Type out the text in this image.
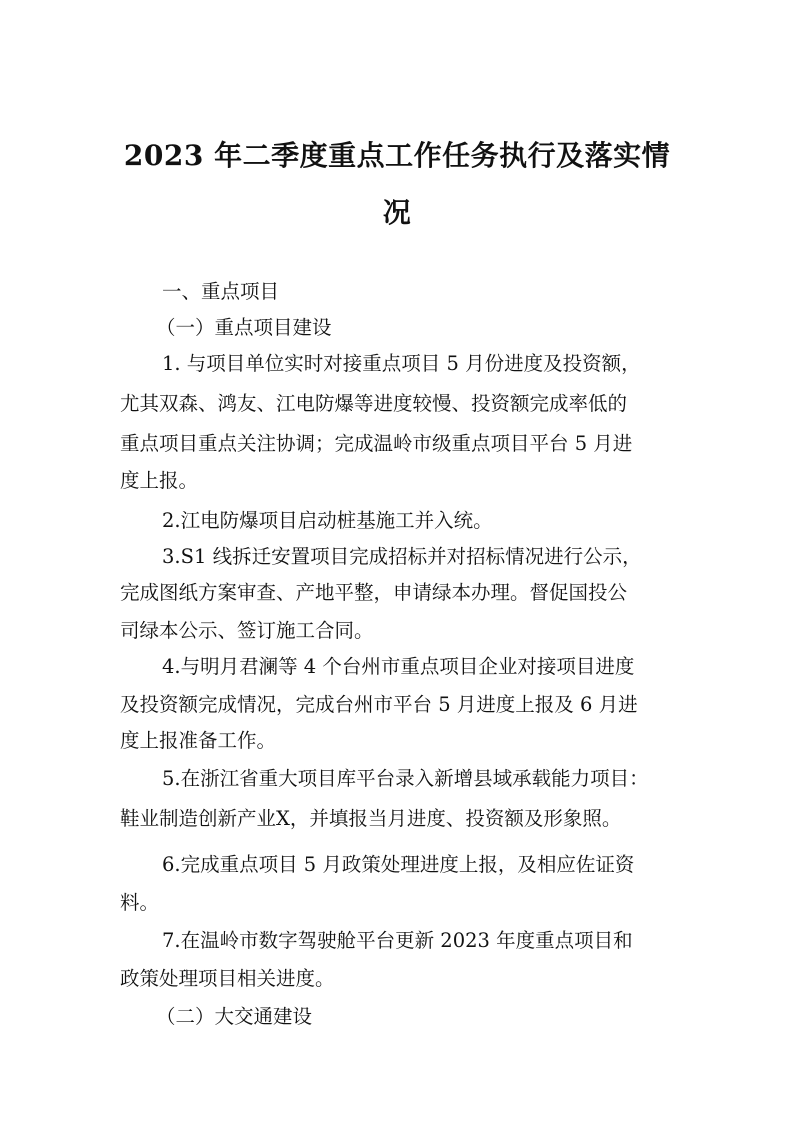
2023 年二季度重点工作任务执行及落实情
况

一、重点项目

（一）重点项目建设

1. 与项目单位实时对接重点项目 5 月份进度及投资额，

尤其双森、鸿友、江电防爆等进度较慢、投资额完成率低的

重点项目重点关注协调；完成温岭市级重点项目平台 5 月进

度上报。

2.江电防爆项目启动桩基施工并入统。

3.S1 线拆迁安置项目完成招标并对招标情况进行公示，

完成图纸方案审查、产地平整，申请绿本办理。督促国投公

司绿本公示、签订施工合同。

4.与明月君澜等 4 个台州市重点项目企业对接项目进度

及投资额完成情况，完成台州市平台 5 月进度上报及 6 月进

度上报准备工作。

5.在浙江省重大项目库平台录入新增县域承载能力项目：

鞋业制造创新产业X，并填报当月进度、投资额及形象照。

6.完成重点项目 5 月政策处理进度上报，及相应佐证资

料。

7.在温岭市数字驾驶舱平台更新 2023 年度重点项目和

政策处理项目相关进度。

（二）大交通建设
